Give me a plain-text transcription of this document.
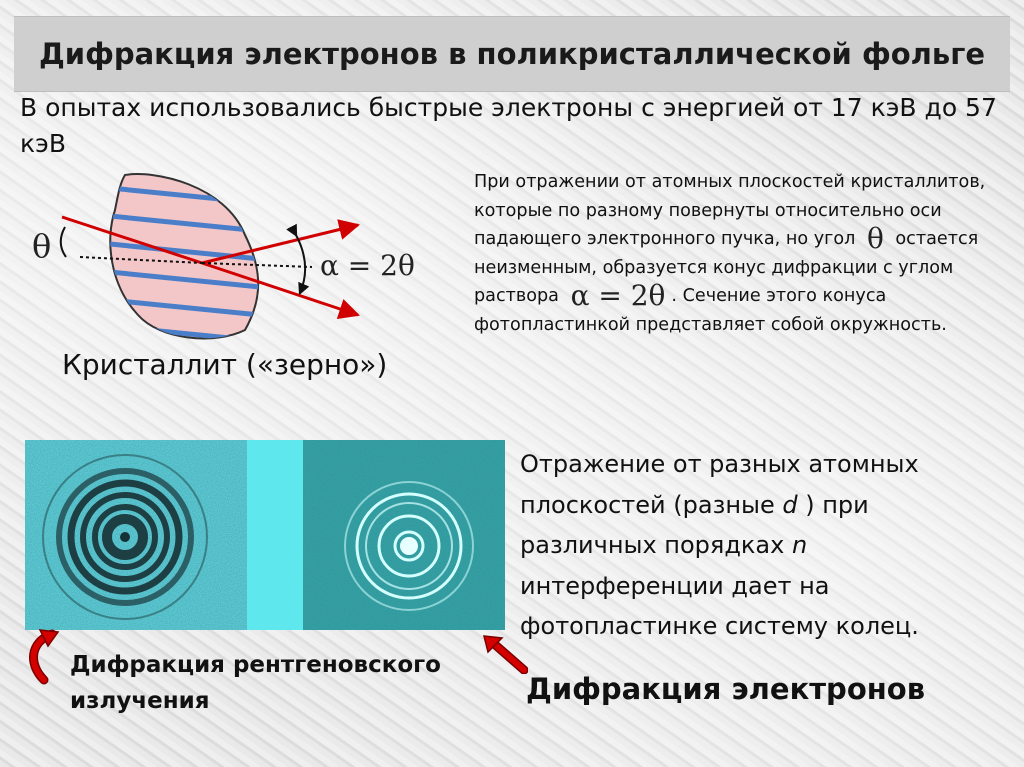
Дифракция электронов в поликристаллической фольге
В опытах использовались быстрые электроны с энергией от 17 кэВ до 57 кэВ
θ
α = 2θ
Кристаллит («зерно»)
При отражении от атомных плоскостей кристаллитов, которые по разному повернуты относительно оси падающего электронного пучка, но угол θ остается неизменным, образуется конус дифракции с углом раствора α = 2θ . Сечение этого конуса фотопластинкой представляет собой окружность.
Отражение от разных атомных плоскостей (разные d ) при различных порядках n интерференции дает на фотопластинке систему колец.
Дифракция рентгеновского излучения	Дифракция электронов
